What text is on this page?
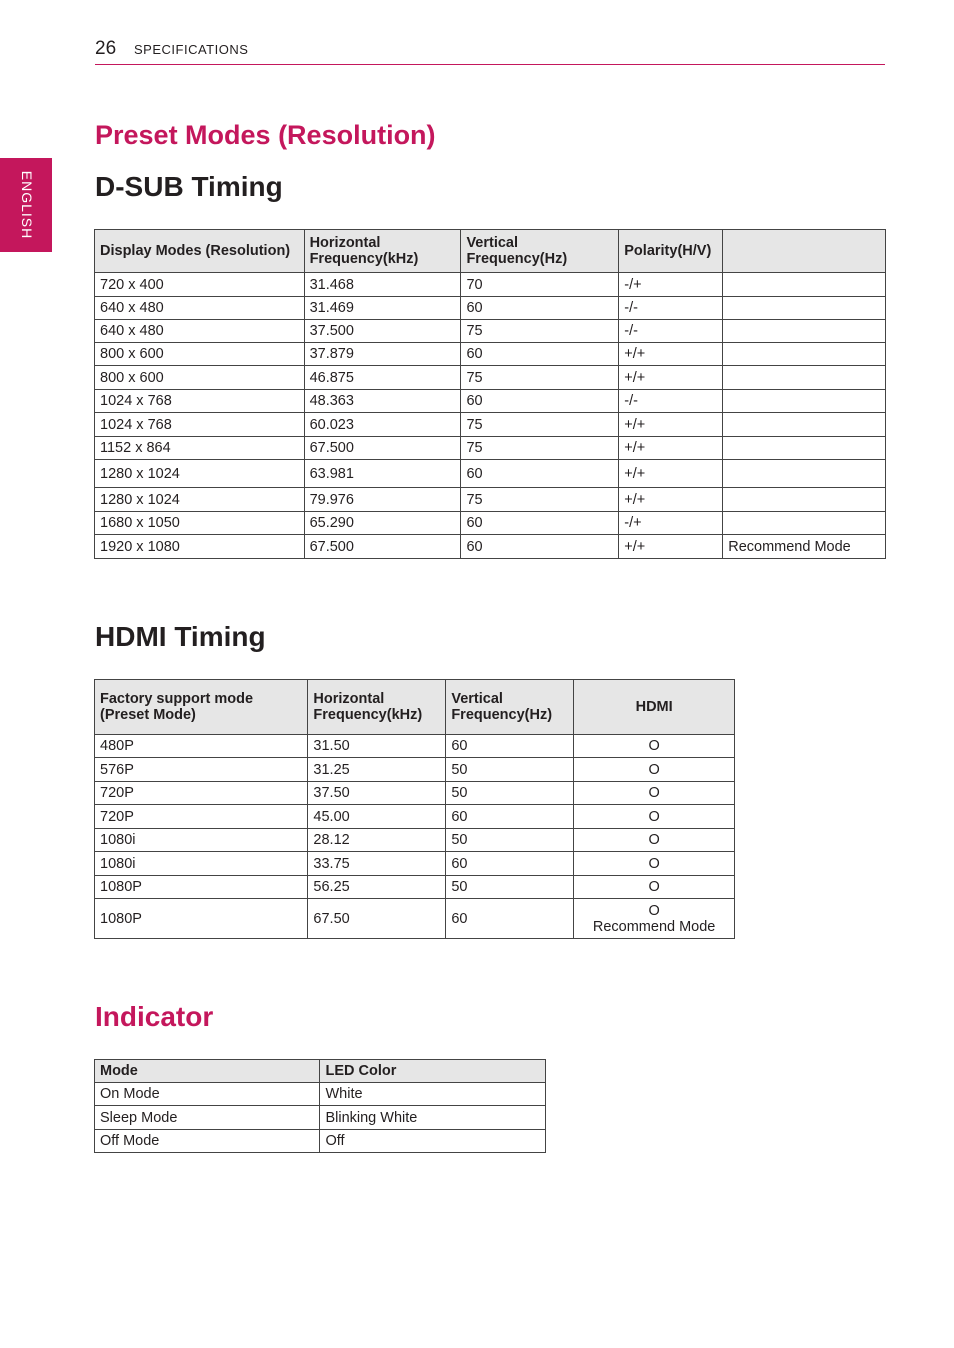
26 SPECIFICATIONS
ENGLISH
Preset Modes (Resolution)
D-SUB Timing
Display Modes (Resolution)	Horizontal Frequency(kHz)	Vertical Frequency(Hz)	Polarity(H/V)	
720 x 400	31.468	70	-/+	
640 x 480	31.469	60	-/-	
640 x 480	37.500	75	-/-	
800 x 600	37.879	60	+/+	
800 x 600	46.875	75	+/+	
1024 x 768	48.363	60	-/-	
1024 x 768	60.023	75	+/+	
1152 x 864	67.500	75	+/+	
1280 x 1024	63.981	60	+/+	
1280 x 1024	79.976	75	+/+	
1680 x 1050	65.290	60	-/+	
1920 x 1080	67.500	60	+/+	Recommend Mode
HDMI Timing
Factory support mode (Preset Mode)	Horizontal Frequency(kHz)	Vertical Frequency(Hz)	HDMI
480P	31.50	60	O
576P	31.25	50	O
720P	37.50	50	O
720P	45.00	60	O
1080i	28.12	50	O
1080i	33.75	60	O
1080P	56.25	50	O
1080P	67.50	60	O
Recommend Mode
Indicator
Mode	LED Color
On Mode	White
Sleep Mode	Blinking White
Off Mode	Off
